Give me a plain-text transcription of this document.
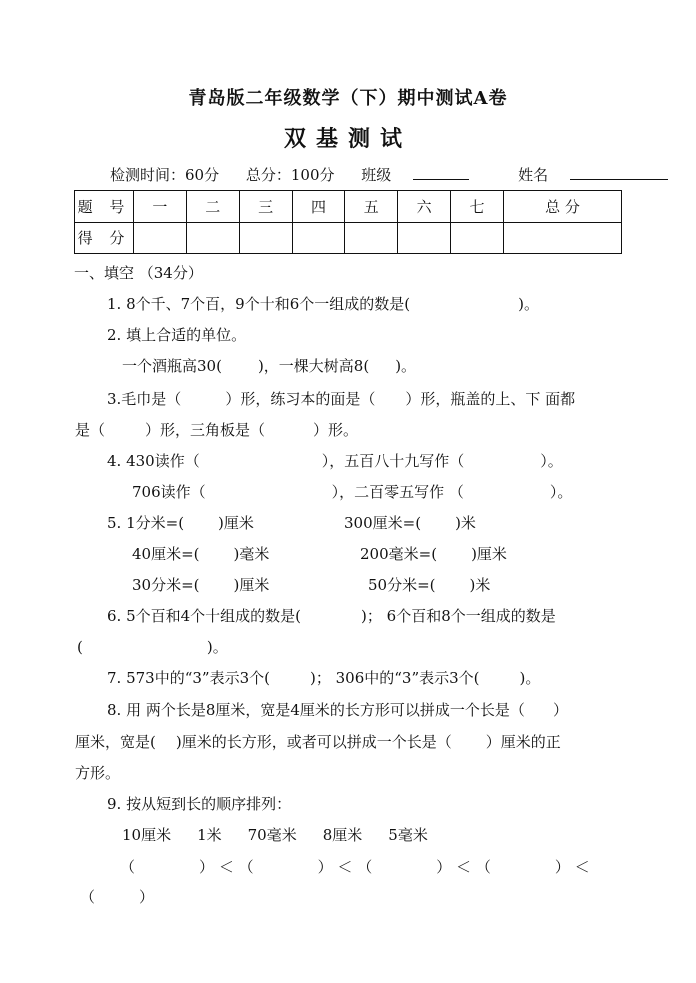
青岛版二年级数学（下）期中测试A卷
双基测试
检测时间：60分 总分：100分 班级	姓名
题 号	一	二	三	四	五	六	七	总 分
得 分								
一、填空 （34分）
1. 8个千、7个百，9个十和6个一组成的数是(	)。
2. 填上合适的单位。
一个酒瓶高30( )，一棵大树高8( )。
3.毛巾是（	）形，练习本的面是（ ）形，瓶盖的上、下 面都
是（	）形，三角板是（	）形。
4. 430读作（	），五百八十九写作（	）。
706读作（	），二百零五写作 （	）。
5. 1分米=( )厘米	300厘米=( )米
40厘米=( )毫米	200毫米=( )厘米
30分米=( )厘米	50分米=( )米
6. 5个百和4个十组成的数是(	)； 6个百和8个一组成的数是
(	)。
7. 573中的“3”表示3个(	)； 306中的“3”表示3个(	)。
8. 用 两个长是8厘米，宽是4厘米的长方形可以拼成一个长是（ ）
厘米，宽是( )厘米的长方形，或者可以拼成一个长是（ ）厘米的正
方形。
9. 按从短到长的顺序排列：
10厘米 1米 70毫米 8厘米 5毫米
（	） ＜ （	） ＜ （	） ＜ （	） ＜
（	）
